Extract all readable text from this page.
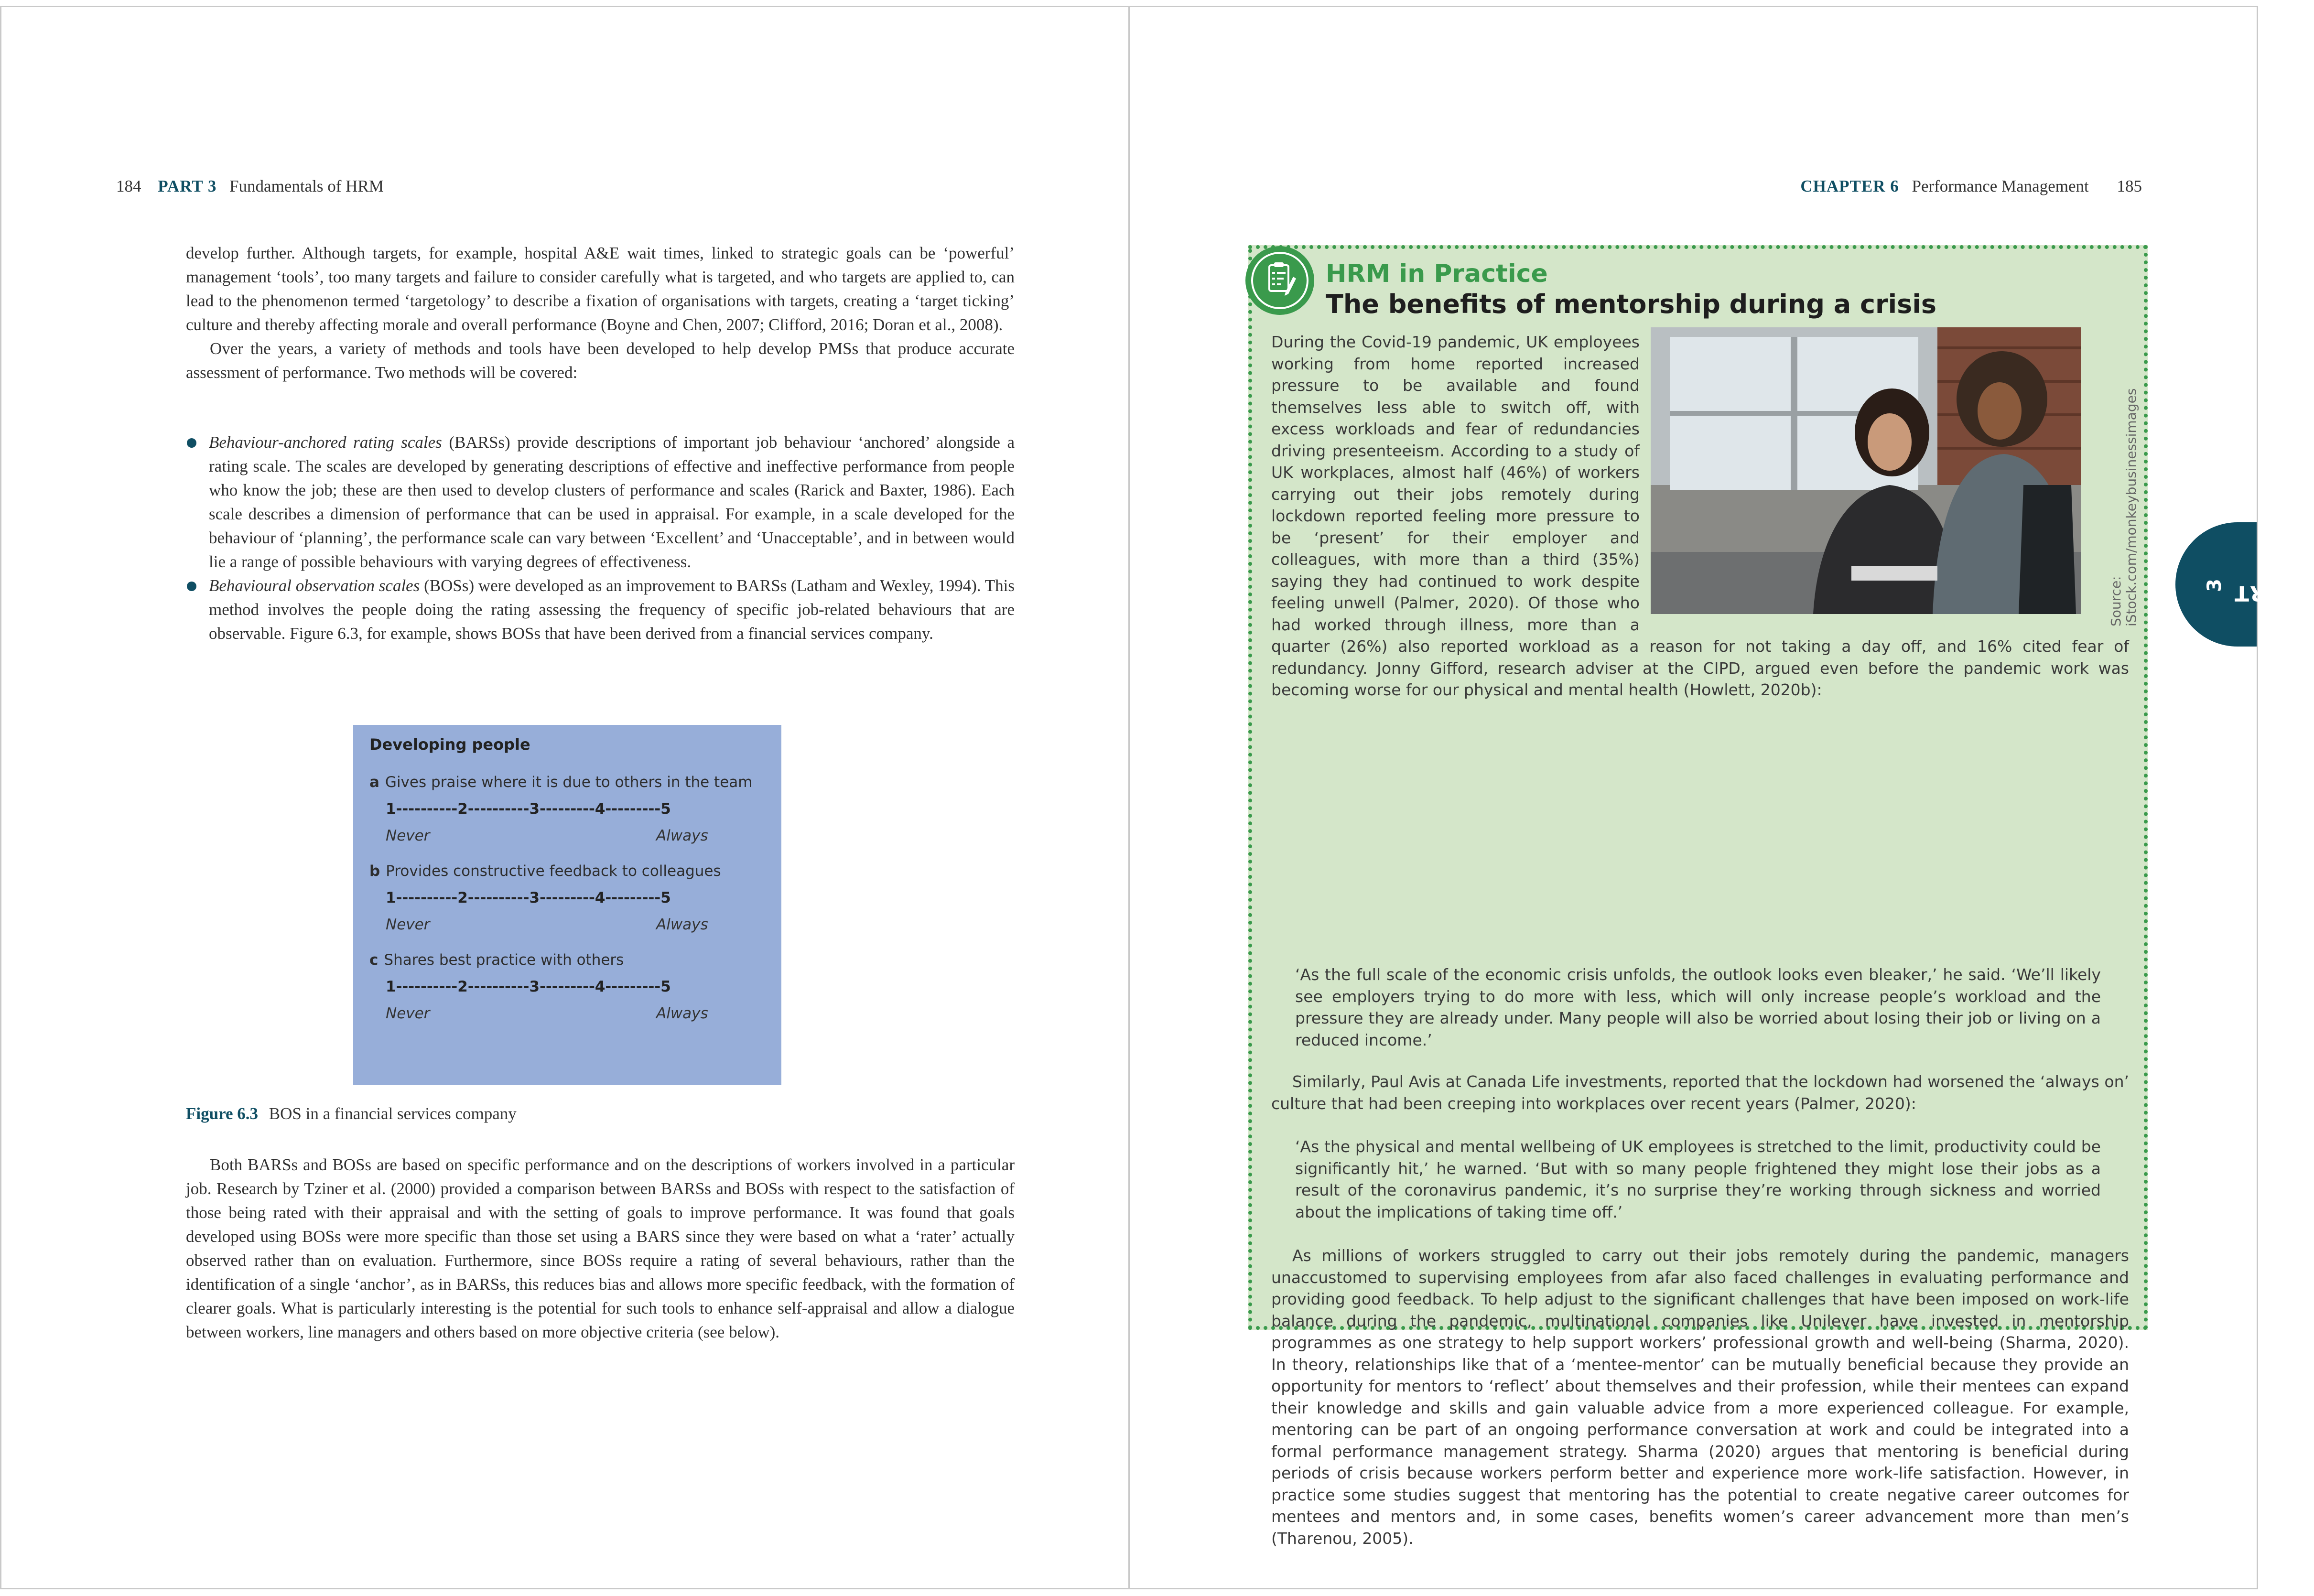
184 PART 3 Fundamentals of HRM

develop further. Although targets, for example, hospital A&E wait times, linked to strategic goals can be ‘powerful’ management ‘tools’, too many targets and failure to consider carefully what is targeted, and who targets are applied to, can lead to the phenomenon termed ‘targetology’ to describe a fixation of organisations with targets, creating a ‘target ticking’ culture and thereby affecting morale and overall performance (Boyne and Chen, 2007; Clifford, 2016; Doran et al., 2008).

Over the years, a variety of methods and tools have been developed to help develop PMSs that produce accurate assessment of performance. Two methods will be covered:

Behaviour-anchored rating scales (BARSs) provide descriptions of important job behaviour ‘anchored’ alongside a rating scale. The scales are developed by generating descriptions of effective and ineffective performance from people who know the job; these are then used to develop clusters of performance and scales (Rarick and Baxter, 1986). Each scale describes a dimension of performance that can be used in appraisal. For example, in a scale developed for the behaviour of ‘planning’, the performance scale can vary between ‘Excellent’ and ‘Unacceptable’, and in between would lie a range of possible behaviours with varying degrees of effectiveness.
Behavioural observation scales (BOSs) were developed as an improvement to BARSs (Latham and Wexley, 1994). This method involves the people doing the rating assessing the frequency of specific job-related behaviours that are observable. Figure 6.3, for example, shows BOSs that have been derived from a financial services company.

Developing people

a Gives praise where it is due to others in the team

1----------2----------3---------4---------5

Never	Always

b Provides constructive feedback to colleagues

1----------2----------3---------4---------5

Never	Always

c Shares best practice with others

1----------2----------3---------4---------5

Never	Always
Figure 6.3 BOS in a financial services company

Both BARSs and BOSs are based on specific performance and on the descriptions of workers involved in a particular job. Research by Tziner et al. (2000) provided a comparison between BARSs and BOSs with respect to the satisfaction of those being rated with their appraisal and with the setting of goals to improve performance. It was found that goals developed using BOSs were more specific than those set using a BARS since they were based on what a ‘rater’ actually observed rather than on evaluation. Furthermore, since BOSs require a rating of several behaviours, rather than the identification of a single ‘anchor’, as in BARSs, this reduces bias and allows more specific feedback, with the formation of clearer goals. What is particularly interesting is the potential for such tools to enhance self-appraisal and allow a dialogue between workers, line managers and others based on more objective criteria (see below).

CHAPTER 6 Performance Management 185
HRM in Practice
The benefits of mentorship during a crisis
Source: iStock.com/monkeybusinessimages

During the Covid-19 pandemic, UK employees working from home reported increased pressure to be available and found themselves less able to switch off, with excess workloads and fear of redundancies driving presenteeism. According to a study of UK workplaces, almost half (46%) of workers carrying out their jobs remotely during lockdown reported feeling more pressure to be ‘present’ for their employer and colleagues, with more than a third (35%) saying they had continued to work despite feeling unwell (Palmer, 2020). Of those who had worked through illness, more than a quarter (26%) also reported workload as a reason for not taking a day off, and 16% cited fear of redundancy. Jonny Gifford, research adviser at the CIPD, argued even before the pandemic work was becoming worse for our physical and mental health (Howlett, 2020b):

‘As the full scale of the economic crisis unfolds, the outlook looks even bleaker,’ he said. ‘We’ll likely see employers trying to do more with less, which will only increase people’s workload and the pressure they are already under. Many people will also be worried about losing their job or living on a reduced income.’

Similarly, Paul Avis at Canada Life investments, reported that the lockdown had worsened the ‘always on’ culture that had been creeping into workplaces over recent years (Palmer, 2020):

‘As the physical and mental wellbeing of UK employees is stretched to the limit, productivity could be significantly hit,’ he warned. ‘But with so many people frightened they might lose their jobs as a result of the coronavirus pandemic, it’s no surprise they’re working through sickness and worried about the implications of taking time off.’

As millions of workers struggled to carry out their jobs remotely during the pandemic, managers unaccustomed to supervising employees from afar also faced challenges in evaluating performance and providing good feedback. To help adjust to the significant challenges that have been imposed on work-life balance during the pandemic, multinational companies like Unilever have invested in mentorship programmes as one strategy to help support workers’ professional growth and well-being (Sharma, 2020). In theory, relationships like that of a ‘mentee-mentor’ can be mutually beneficial because they provide an opportunity for mentors to ‘reflect’ about themselves and their profession, while their mentees can expand their knowledge and skills and gain valuable advice from a more experienced colleague. For example, mentoring can be part of an ongoing performance conversation at work and could be integrated into a formal performance management strategy. Sharma (2020) argues that mentoring is beneficial during periods of crisis because workers perform better and experience more work-life satisfaction. However, in practice some studies suggest that mentoring has the potential to create negative career outcomes for mentees and mentors and, in some cases, benefits women’s career advancement more than men’s (Tharenou, 2005).

PART
3
